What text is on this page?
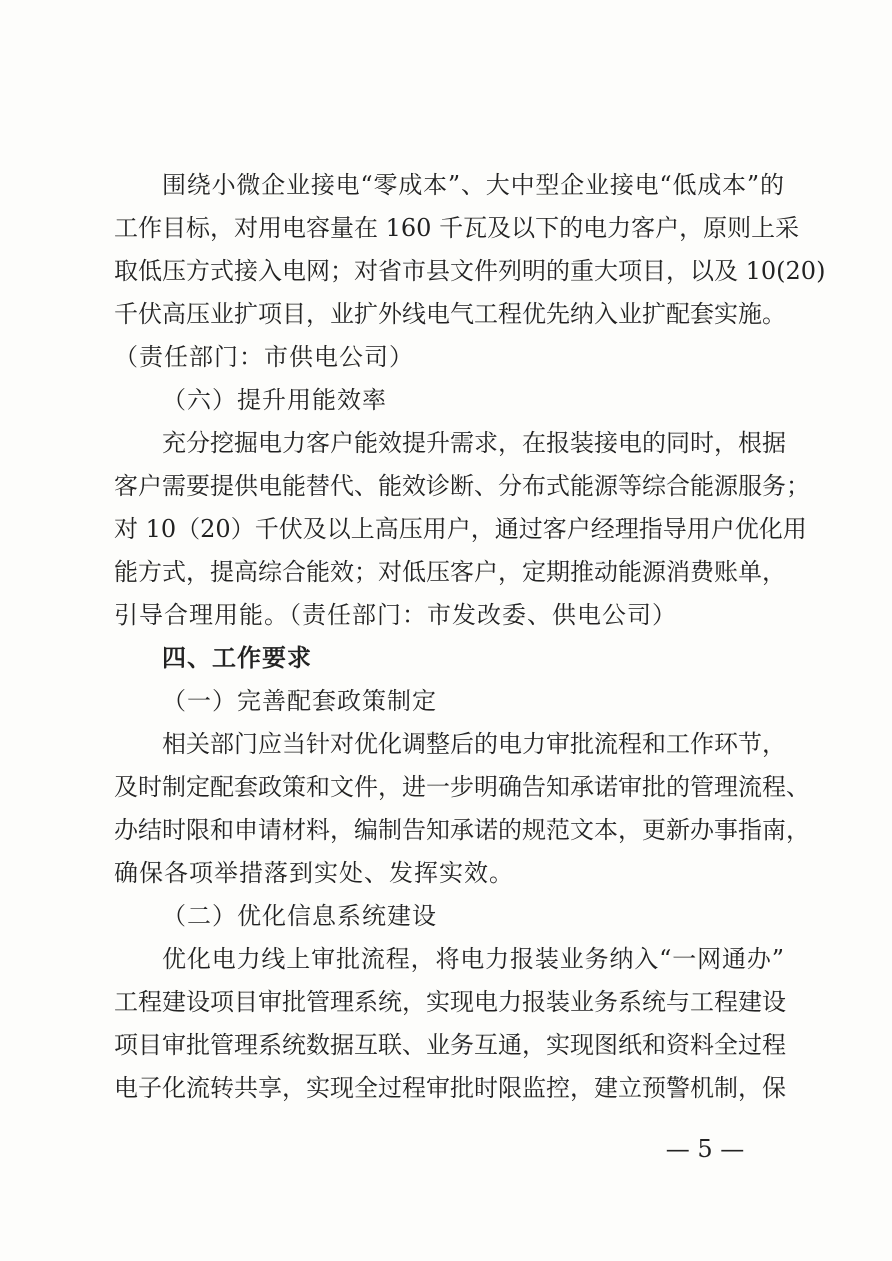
围绕小微企业接电“零成本”、大中型企业接电“低成本”的
工作目标，对用电容量在 160 千瓦及以下的电力客户，原则上采
取低压方式接入电网；对省市县文件列明的重大项目，以及 10(20)
千伏高压业扩项目，业扩外线电气工程优先纳入业扩配套实施。
（责任部门：市供电公司）
（六）提升用能效率
充分挖掘电力客户能效提升需求，在报装接电的同时，根据
客户需要提供电能替代、能效诊断、分布式能源等综合能源服务；
对 10（20）千伏及以上高压用户，通过客户经理指导用户优化用
能方式，提高综合能效；对低压客户，定期推动能源消费账单，
引导合理用能。（责任部门：市发改委、供电公司）
四、工作要求
（一）完善配套政策制定
相关部门应当针对优化调整后的电力审批流程和工作环节，
及时制定配套政策和文件，进一步明确告知承诺审批的管理流程、
办结时限和申请材料，编制告知承诺的规范文本，更新办事指南，
确保各项举措落到实处、发挥实效。
（二）优化信息系统建设
优化电力线上审批流程，将电力报装业务纳入“一网通办”
工程建设项目审批管理系统，实现电力报装业务系统与工程建设
项目审批管理系统数据互联、业务互通，实现图纸和资料全过程
电子化流转共享，实现全过程审批时限监控，建立预警机制，保
— 5 —
